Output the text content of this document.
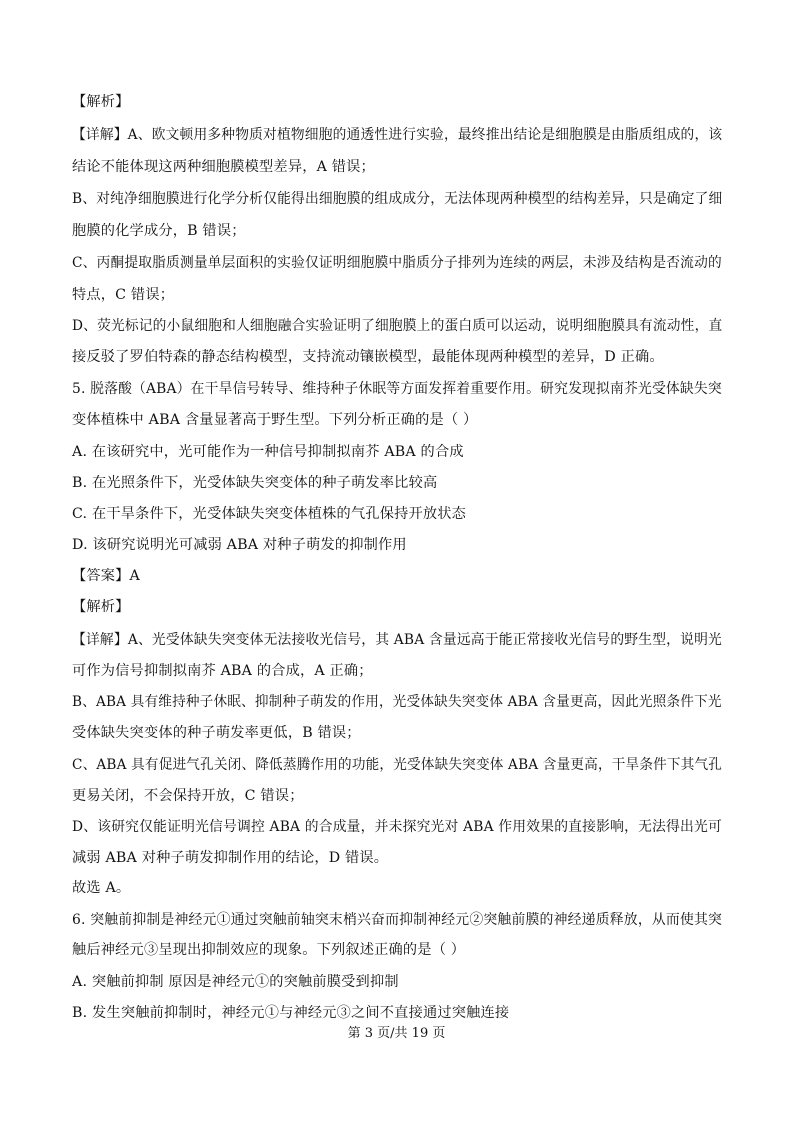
【解析】
【详解】A、欧文顿用多种物质对植物细胞的通透性进行实验，最终推出结论是细胞膜是由脂质组成的，该
结论不能体现这两种细胞膜模型差异，A 错误；
B、对纯净细胞膜进行化学分析仅能得出细胞膜的组成成分，无法体现两种模型的结构差异，只是确定了细
胞膜的化学成分，B 错误；
C、丙酮提取脂质测量单层面积的实验仅证明细胞膜中脂质分子排列为连续的两层，未涉及结构是否流动的
特点，C 错误；
D、荧光标记的小鼠细胞和人细胞融合实验证明了细胞膜上的蛋白质可以运动，说明细胞膜具有流动性，直
接反驳了罗伯特森的静态结构模型，支持流动镶嵌模型，最能体现两种模型的差异，D 正确。
5. 脱落酸（ABA）在干旱信号转导、维持种子休眠等方面发挥着重要作用。研究发现拟南芥光受体缺失突
变体植株中 ABA 含量显著高于野生型。下列分析正确的是（ ）
A. 在该研究中，光可能作为一种信号抑制拟南芥 ABA 的合成
B. 在光照条件下，光受体缺失突变体的种子萌发率比较高
C. 在干旱条件下，光受体缺失突变体植株的气孔保持开放状态
D. 该研究说明光可减弱 ABA 对种子萌发的抑制作用
【答案】A
【解析】
【详解】A、光受体缺失突变体无法接收光信号，其 ABA 含量远高于能正常接收光信号的野生型，说明光
可作为信号抑制拟南芥 ABA 的合成，A 正确；
B、ABA 具有维持种子休眠、抑制种子萌发的作用，光受体缺失突变体 ABA 含量更高，因此光照条件下光
受体缺失突变体的种子萌发率更低，B 错误；
C、ABA 具有促进气孔关闭、降低蒸腾作用的功能，光受体缺失突变体 ABA 含量更高，干旱条件下其气孔
更易关闭，不会保持开放，C 错误；
D、该研究仅能证明光信号调控 ABA 的合成量，并未探究光对 ABA 作用效果的直接影响，无法得出光可
减弱 ABA 对种子萌发抑制作用的结论，D 错误。
故选 A。
6. 突触前抑制是神经元①通过突触前轴突末梢兴奋而抑制神经元②突触前膜的神经递质释放，从而使其突
触后神经元③呈现出抑制效应的现象。下列叙述正确的是（ ）
A. 突触前抑制 原因是神经元①的突触前膜受到抑制
B. 发生突触前抑制时，神经元①与神经元③之间不直接通过突触连接
第 3 页/共 19 页
